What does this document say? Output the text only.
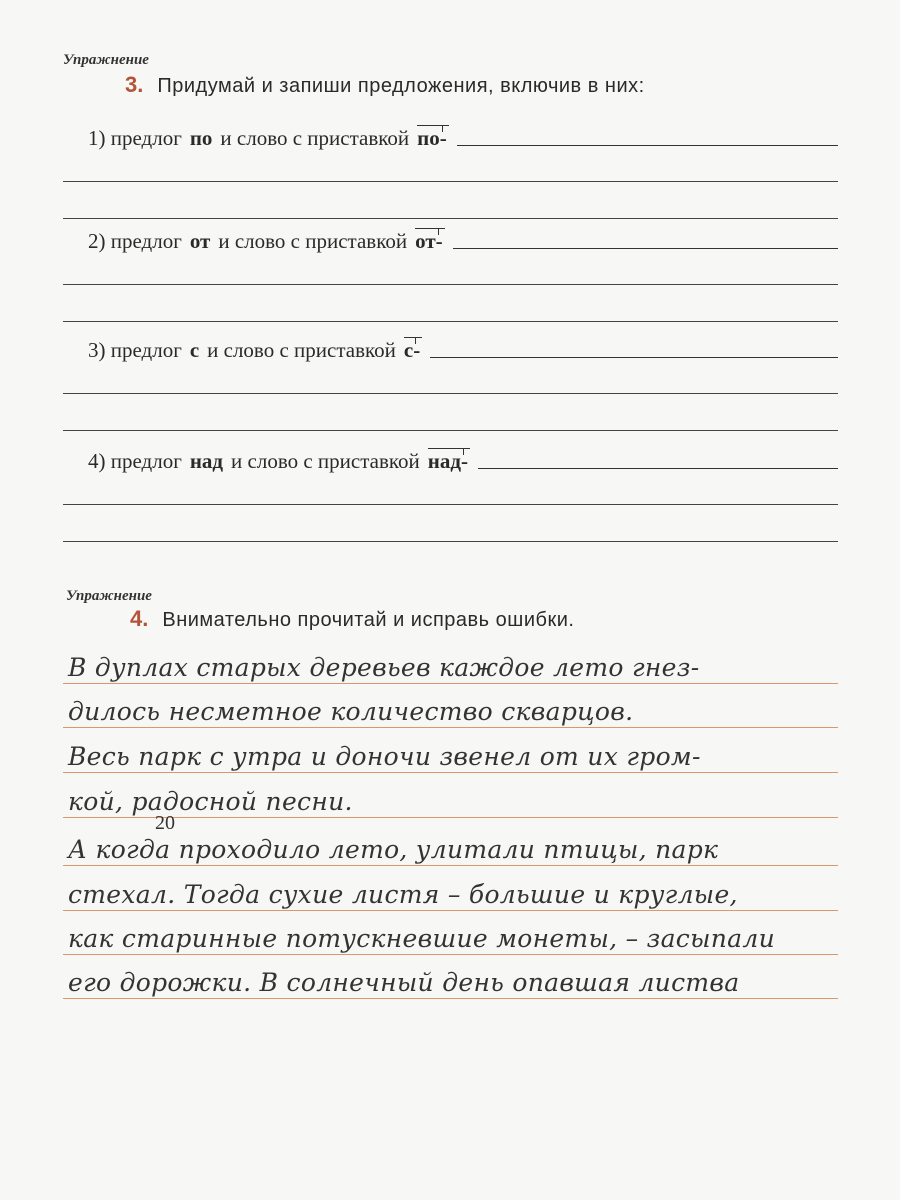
Упражнение
3. Придумай и запиши предложения, включив в них:
1)
предлог по и слово с приставкой по-
2)
предлог от и слово с приставкой от-
3)
предлог с и слово с приставкой с-
4)
предлог над и слово с приставкой над-
Упражнение
4. Внимательно прочитай и исправь ошибки.
В дуплах старых деревьев каждое лето гнез-
дилось несметное количество скварцов.
Весь парк с утра и доночи звенел от их гром-
кой, радосной песни.
А когда проходило лето, улитали птицы, парк
стехал. Тогда сухие листя – большие и круглые,
как старинные потускневшие монеты, – засыпали
его дорожки. В солнечный день опавшая листва
20
